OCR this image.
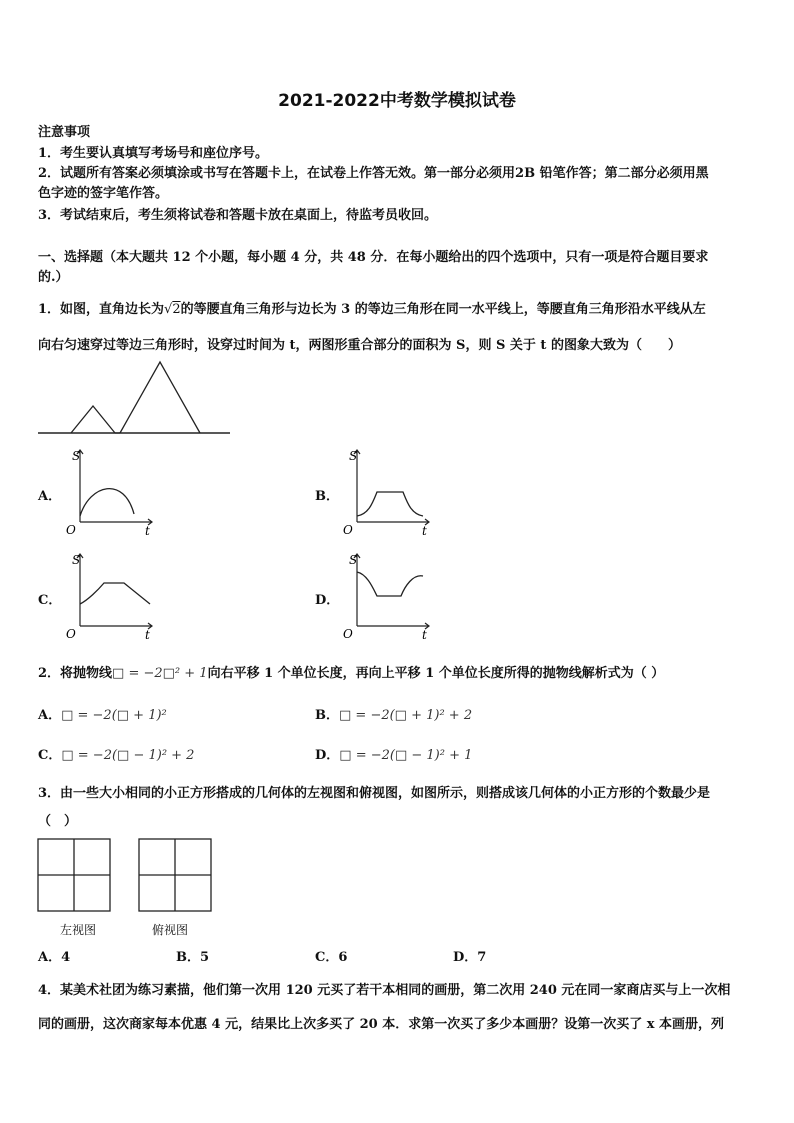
2021-2022中考数学模拟试卷
注意事项
1．考生要认真填写考场号和座位序号。
2．试题所有答案必须填涂或书写在答题卡上，在试卷上作答无效。第一部分必须用2B 铅笔作答；第二部分必须用黑
色字迹的签字笔作答。
3．考试结束后，考生须将试卷和答题卡放在桌面上，待监考员收回。
一、选择题（本大题共 12 个小题，每小题 4 分，共 48 分．在每小题给出的四个选项中，只有一项是符合题目要求
的.）
1．如图，直角边长为√2的等腰直角三角形与边长为 3 的等边三角形在同一水平线上，等腰直角三角形沿水平线从左
向右匀速穿过等边三角形时，设穿过时间为 t，两图形重合部分的面积为 S，则 S 关于 t 的图象大致为（　　）
A．
S
O	t
B．
S
O	t
C．
S
O	t
D．
S
O	t
2．将抛物线□ = −2□² + 1向右平移 1 个单位长度，再向上平移 1 个单位长度所得的抛物线解析式为（ ）
A．□ = −2(□ + 1)²	B．□ = −2(□ + 1)² + 2
C．□ = −2(□ − 1)² + 2	D．□ = −2(□ − 1)² + 1
3．由一些大小相同的小正方形搭成的几何体的左视图和俯视图，如图所示，则搭成该几何体的小正方形的个数最少是
（　）
左视图	俯视图
A．4	B．5	C．6	D．7
4．某美术社团为练习素描，他们第一次用 120 元买了若干本相同的画册，第二次用 240 元在同一家商店买与上一次相
同的画册，这次商家每本优惠 4 元，结果比上次多买了 20 本．求第一次买了多少本画册？设第一次买了 x 本画册，列
